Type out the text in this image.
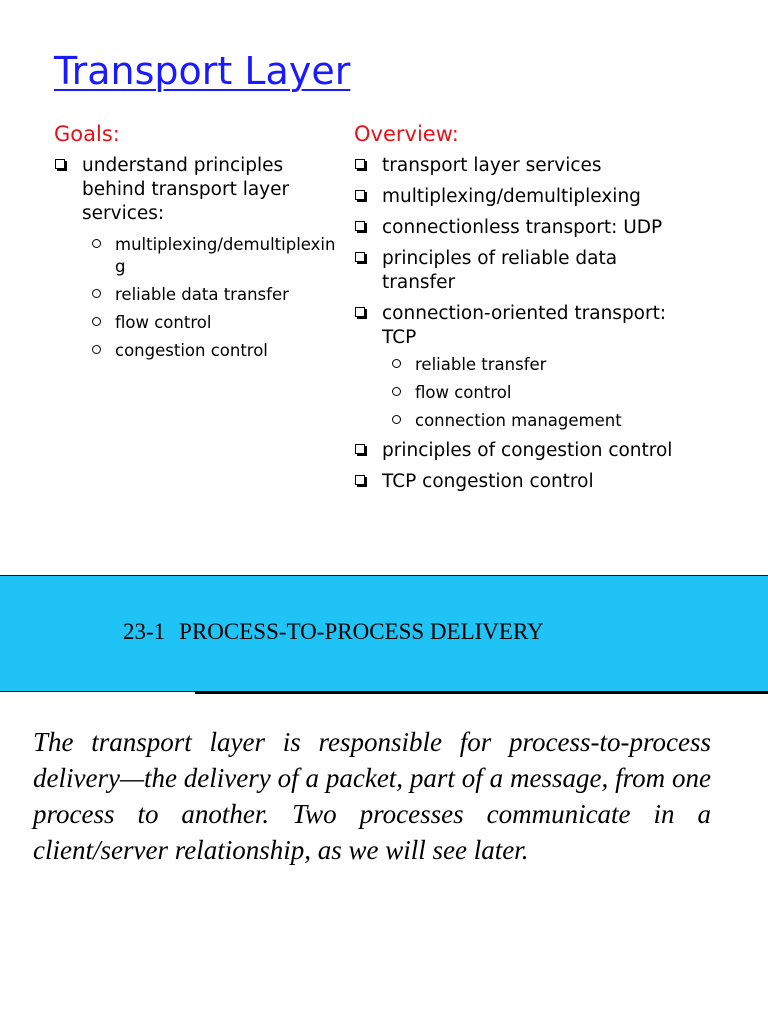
Transport Layer
Goals:
understand principles behind transport layer services:
multiplexing/demultiplexing
reliable data transfer
flow control
congestion control
Overview:
transport layer services
multiplexing/demultiplexing
connectionless transport: UDP
principles of reliable data transfer
connection-oriented transport: TCP
reliable transfer
flow control
connection management
principles of congestion control
TCP congestion control
23-1 PROCESS-TO-PROCESS DELIVERY

The transport layer is responsible for process-to-process delivery—the delivery of a packet, part of a message, from one process to another. Two processes communicate in a client/server relationship, as we will see later.
